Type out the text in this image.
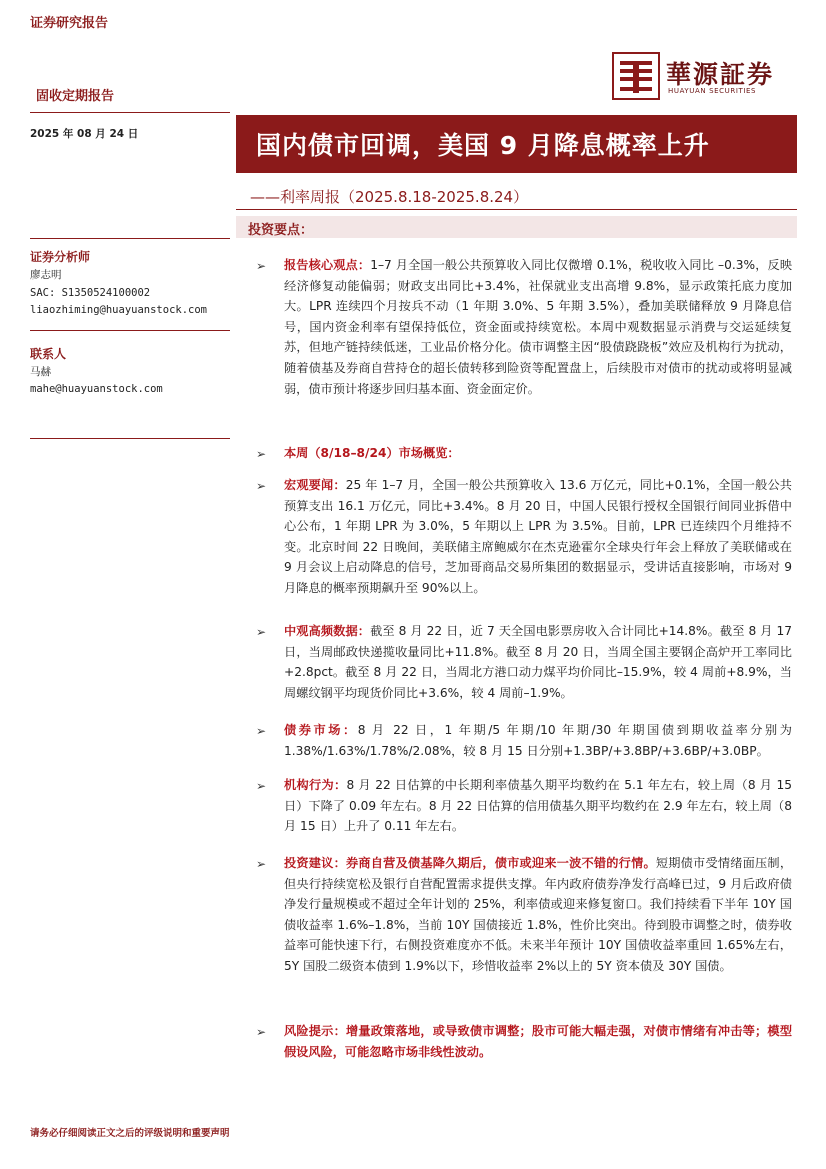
证券研究报告
固收定期报告
2025 年 08 月 24 日
華源証券
HUAYUAN SECURITIES
国内债市回调，美国 9 月降息概率上升
——利率周报（2025.8.18-2025.8.24）
投资要点：
证券分析师
廖志明
SAC: S1350524100002
liaozhiming@huayuanstock.com
联系人
马赫
mahe@huayuanstock.com
➢ 报告核心观点：1–7 月全国一般公共预算收入同比仅微增 0.1%，税收收入同比 –0.3%，反映经济修复动能偏弱；财政支出同比+3.4%，社保就业支出高增 9.8%，显示政策托底力度加大。LPR 连续四个月按兵不动（1 年期 3.0%、5 年期 3.5%），叠加美联储释放 9 月降息信号，国内资金利率有望保持低位，资金面或持续宽松。本周中观数据显示消费与交运延续复苏，但地产链持续低迷，工业品价格分化。债市调整主因“股债跷跷板”效应及机构行为扰动，随着债基及券商自营持仓的超长债转移到险资等配置盘上，后续股市对债市的扰动或将明显减弱，债市预计将逐步回归基本面、资金面定价。
➢ 本周（8/18–8/24）市场概览：
➢ 宏观要闻：25 年 1–7 月，全国一般公共预算收入 13.6 万亿元，同比+0.1%，全国一般公共预算支出 16.1 万亿元，同比+3.4%。8 月 20 日，中国人民银行授权全国银行间同业拆借中心公布，1 年期 LPR 为 3.0%，5 年期以上 LPR 为 3.5%。目前，LPR 已连续四个月维持不变。北京时间 22 日晚间，美联储主席鲍威尔在杰克逊霍尔全球央行年会上释放了美联储或在 9 月会议上启动降息的信号，芝加哥商品交易所集团的数据显示，受讲话直接影响，市场对 9 月降息的概率预期飙升至 90%以上。
➢ 中观高频数据：截至 8 月 22 日，近 7 天全国电影票房收入合计同比+14.8%。截至 8 月 17 日，当周邮政快递揽收量同比+11.8%。截至 8 月 20 日，当周全国主要钢企高炉开工率同比+2.8pct。截至 8 月 22 日，当周北方港口动力煤平均价同比–15.9%，较 4 周前+8.9%，当周螺纹钢平均现货价同比+3.6%，较 4 周前–1.9%。
➢ 债券市场：8 月 22 日，1 年期/5 年期/10 年期/30 年期国债到期收益率分别为 1.38%/1.63%/1.78%/2.08%，较 8 月 15 日分别+1.3BP/+3.8BP/+3.6BP/+3.0BP。
➢ 机构行为：8 月 22 日估算的中长期利率债基久期平均数约在 5.1 年左右，较上周（8 月 15 日）下降了 0.09 年左右。8 月 22 日估算的信用债基久期平均数约在 2.9 年左右，较上周（8 月 15 日）上升了 0.11 年左右。
➢ 投资建议：券商自营及债基降久期后，债市或迎来一波不错的行情。短期债市受情绪面压制，但央行持续宽松及银行自营配置需求提供支撑。年内政府债券净发行高峰已过，9 月后政府债净发行量规模或不超过全年计划的 25%，利率债或迎来修复窗口。我们持续看下半年 10Y 国债收益率 1.6%–1.8%，当前 10Y 国债接近 1.8%，性价比突出。待到股市调整之时，债券收益率可能快速下行，右侧投资难度亦不低。未来半年预计 10Y 国债收益率重回 1.65%左右，5Y 国股二级资本债到 1.9%以下，珍惜收益率 2%以上的 5Y 资本债及 30Y 国债。
➢ 风险提示：增量政策落地，或导致债市调整；股市可能大幅走强，对债市情绪有冲击等；模型假设风险，可能忽略市场非线性波动。
请务必仔细阅读正文之后的评级说明和重要声明
